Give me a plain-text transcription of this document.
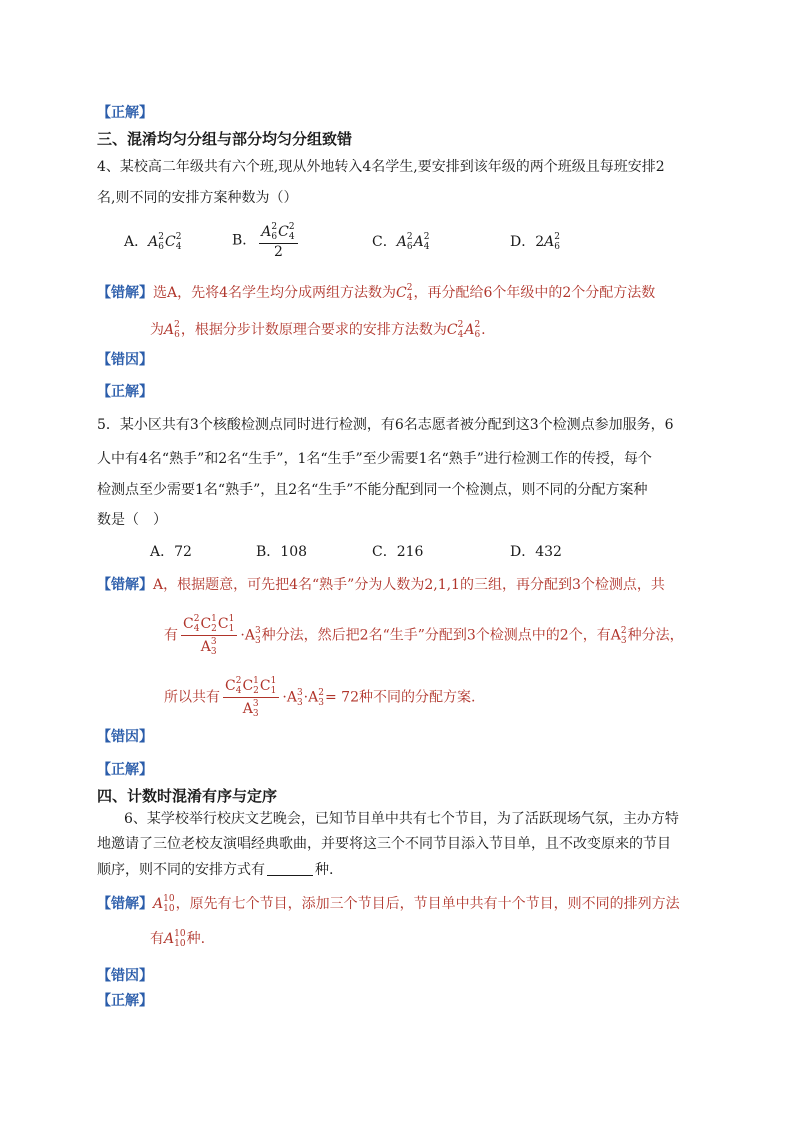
【正解】
三、混淆均匀分组与部分均匀分组致错
4、某校高二年级共有六个班,现从外地转入4名学生,要安排到该年级的两个班级且每班安排2
名,则不同的安排方案种数为（）
A．A 2
6 C 2
4	B． A 2
6 C 2
4
2	C．A 2
6 A 2
4	D．2A 2
6
【错解】选A，先将4名学生均分成两组方法数为C 2
4 ，再分配给6个年级中的2个分配方法数
为A 2
6 ，根据分步计数原理合要求的安排方法数为C 2
4 A 2
6 .
【错因】
【正解】
5．某小区共有3个核酸检测点同时进行检测，有6名志愿者被分配到这3个检测点参加服务，6
人中有4名“熟手”和2名“生手”，1名“生手”至少需要1名“熟手”进行检测工作的传授，每个
检测点至少需要1名“熟手”，且2名“生手”不能分配到同一个检测点，则不同的分配方案种
数是（　）
A．72	B．108	C．216	D．432
【错解】A，根据题意，可先把4名“熟手”分为人数为2,1,1的三组，再分配到3个检测点，共
有 C 2
4 C 1
2 C 1
1
A 3
3 ·A 3
3 种分法，然后把2名“生手”分配到3个检测点中的2个，有A 2
3 种分法，
所以共有 C 2
4 C 1
2 C 1
1
A 3
3 ·A 3
3 ·A 2
3 = 72种不同的分配方案.
【错因】
【正解】
四、计数时混淆有序与定序
6、某学校举行校庆文艺晚会，已知节目单中共有七个节目，为了活跃现场气氛，主办方特
地邀请了三位老校友演唱经典歌曲，并要将这三个不同节目添入节目单，且不改变原来的节目
顺序，则不同的安排方式有	种.
【错解】A 10
10 ，原先有七个节目，添加三个节目后，节目单中共有十个节目，则不同的排列方法
有A 10
10 种.
【错因】
【正解】
